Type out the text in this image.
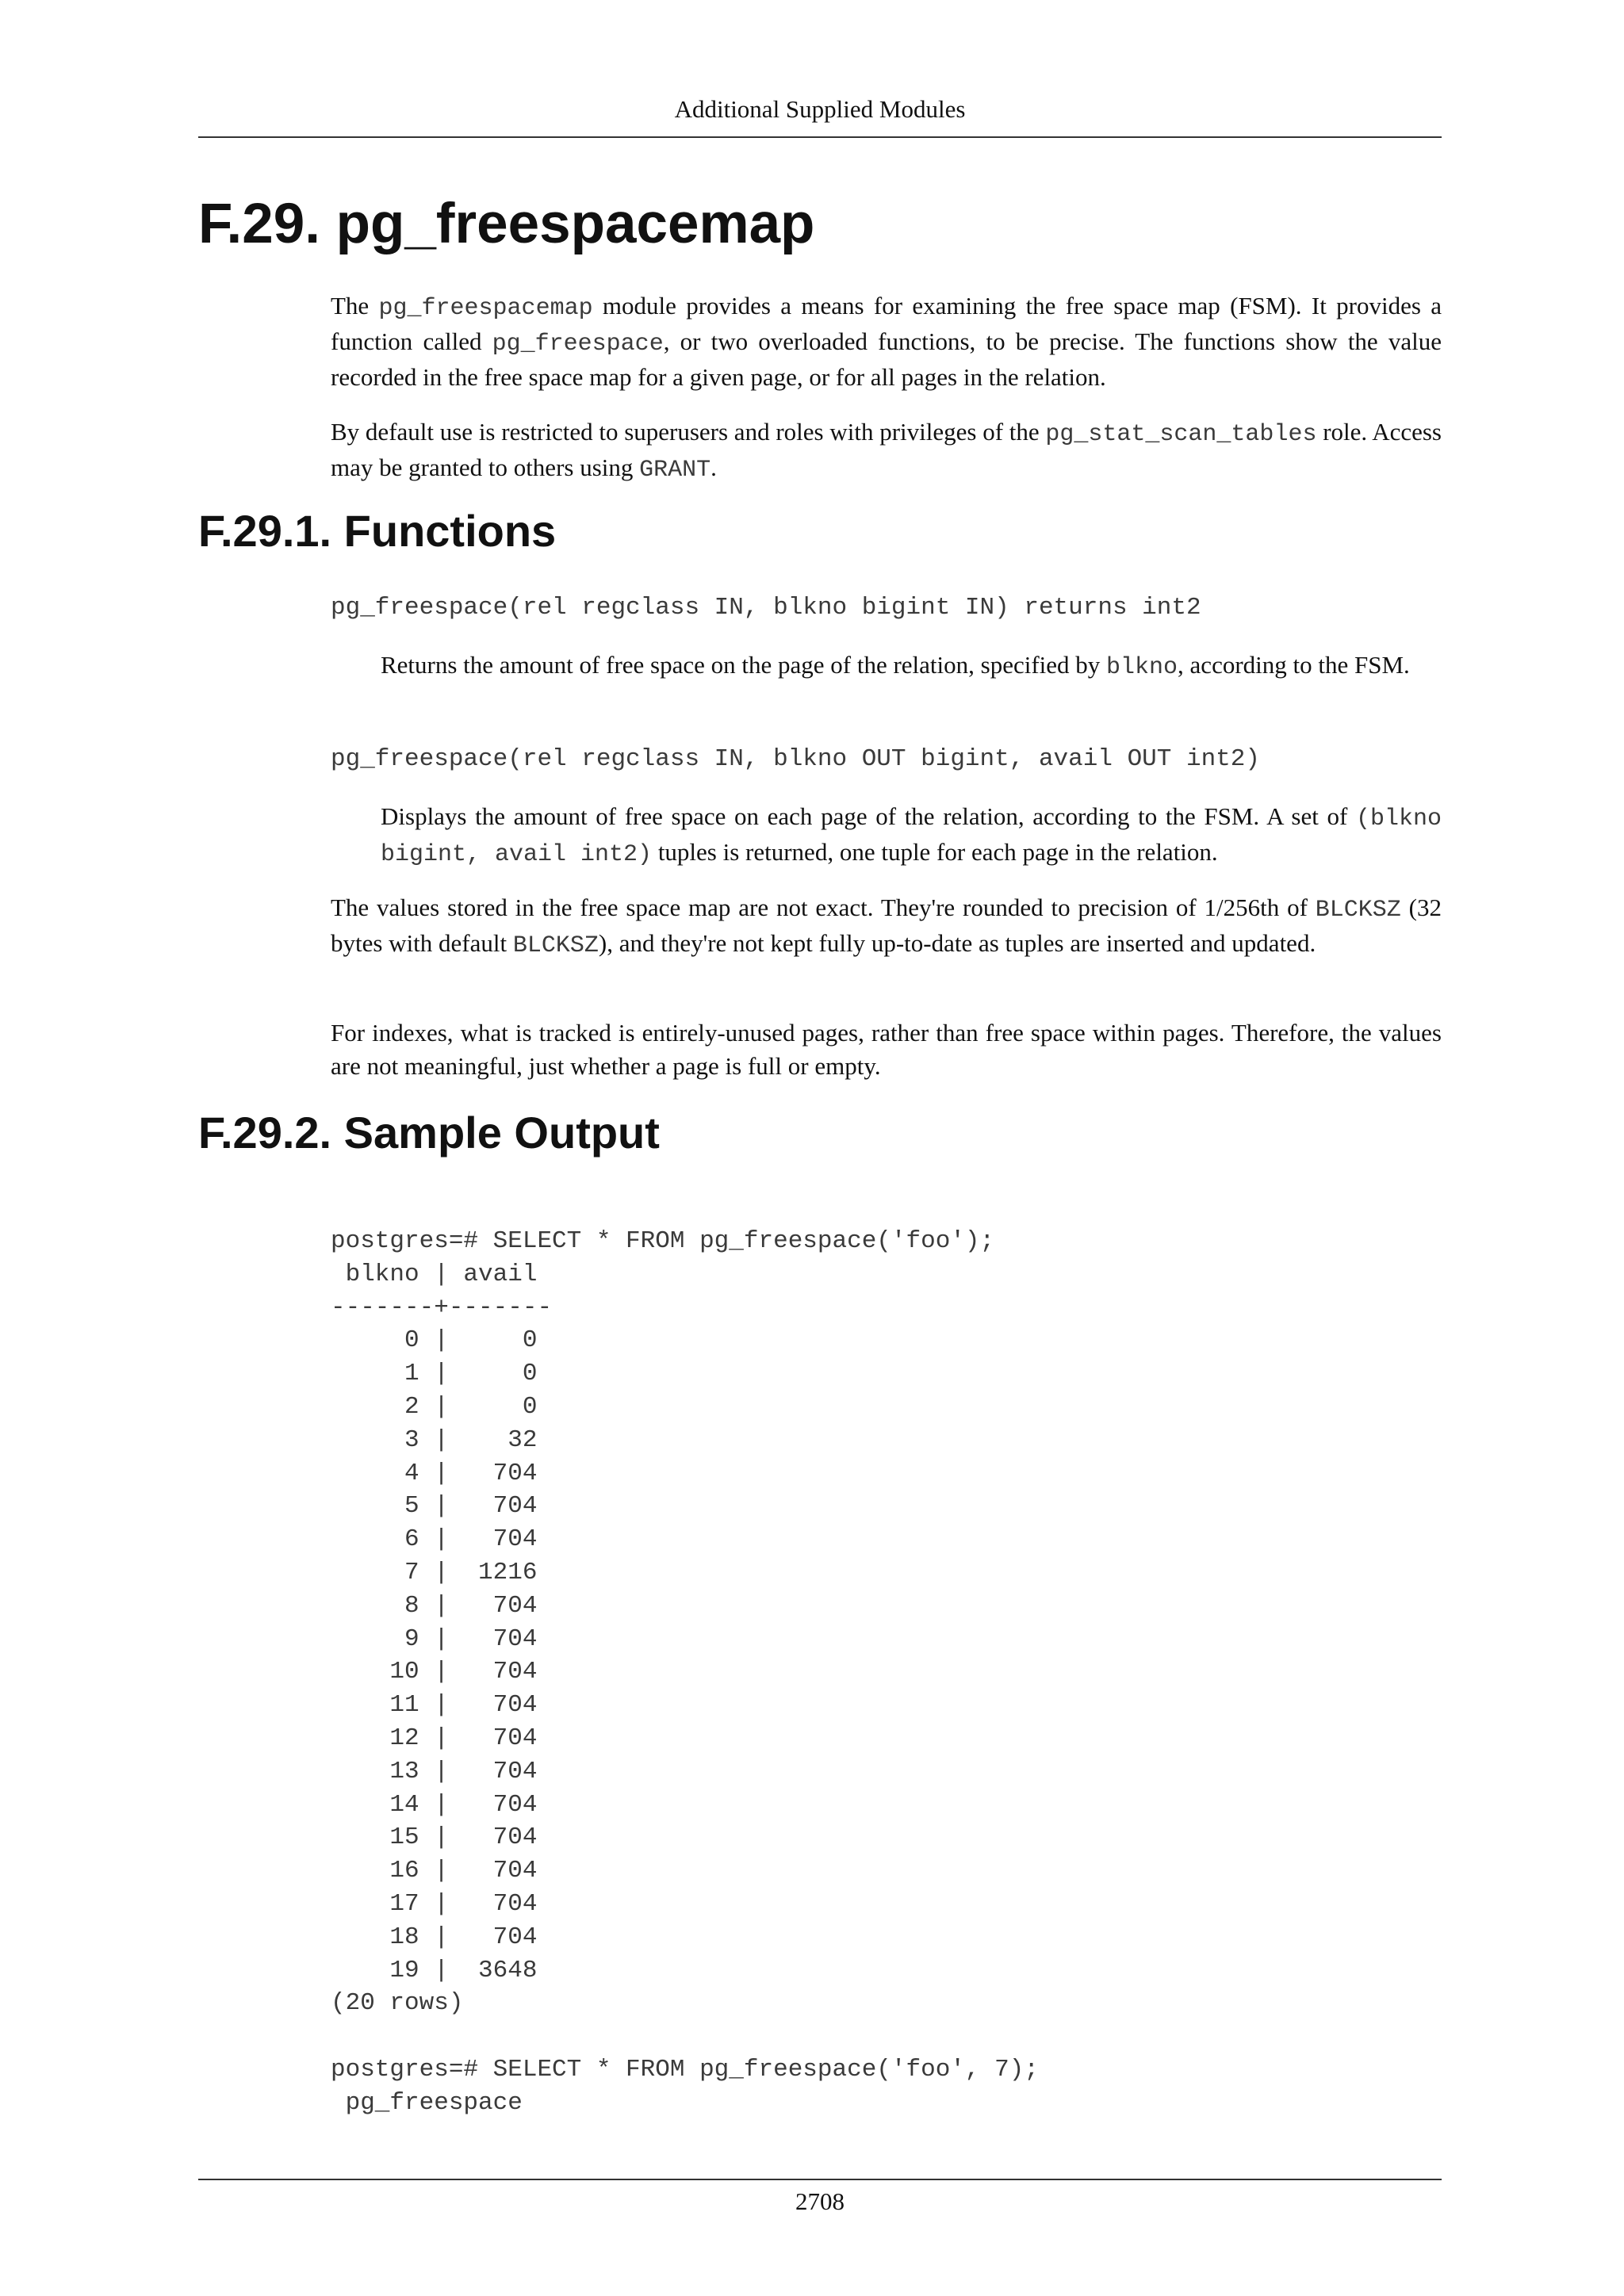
Additional Supplied Modules
F.29. pg_freespacemap

The pg_freespacemap module provides a means for examining the free space map (FSM). It provides a function called pg_freespace, or two overloaded functions, to be precise. The functions show the value recorded in the free space map for a given page, or for all pages in the relation.

By default use is restricted to superusers and roles with privileges of the pg_stat_scan_tables role. Access may be granted to others using GRANT.

F.29.1. Functions
pg_freespace(rel regclass IN, blkno bigint IN) returns int2

Returns the amount of free space on the page of the relation, specified by blkno, according to the FSM.

pg_freespace(rel regclass IN, blkno OUT bigint, avail OUT int2)

Displays the amount of free space on each page of the relation, according to the FSM. A set of (blkno bigint, avail int2) tuples is returned, one tuple for each page in the relation.

The values stored in the free space map are not exact. They're rounded to precision of 1/256th of BLCKSZ (32 bytes with default BLCKSZ), and they're not kept fully up-to-date as tuples are inserted and updated.

For indexes, what is tracked is entirely-unused pages, rather than free space within pages. Therefore, the values are not meaningful, just whether a page is full or empty.

F.29.2. Sample Output
postgres=# SELECT * FROM pg_freespace('foo');
blkno | avail
-------+-------
0 |     0
1 |     0
2 |     0
3 |    32
4 |   704
5 |   704
6 |   704
7 |  1216
8 |   704
9 |   704
10 |   704
11 |   704
12 |   704
13 |   704
14 |   704
15 |   704
16 |   704
17 |   704
18 |   704
19 |  3648
(20 rows)

postgres=# SELECT * FROM pg_freespace('foo', 7);
pg_freespace
2708
